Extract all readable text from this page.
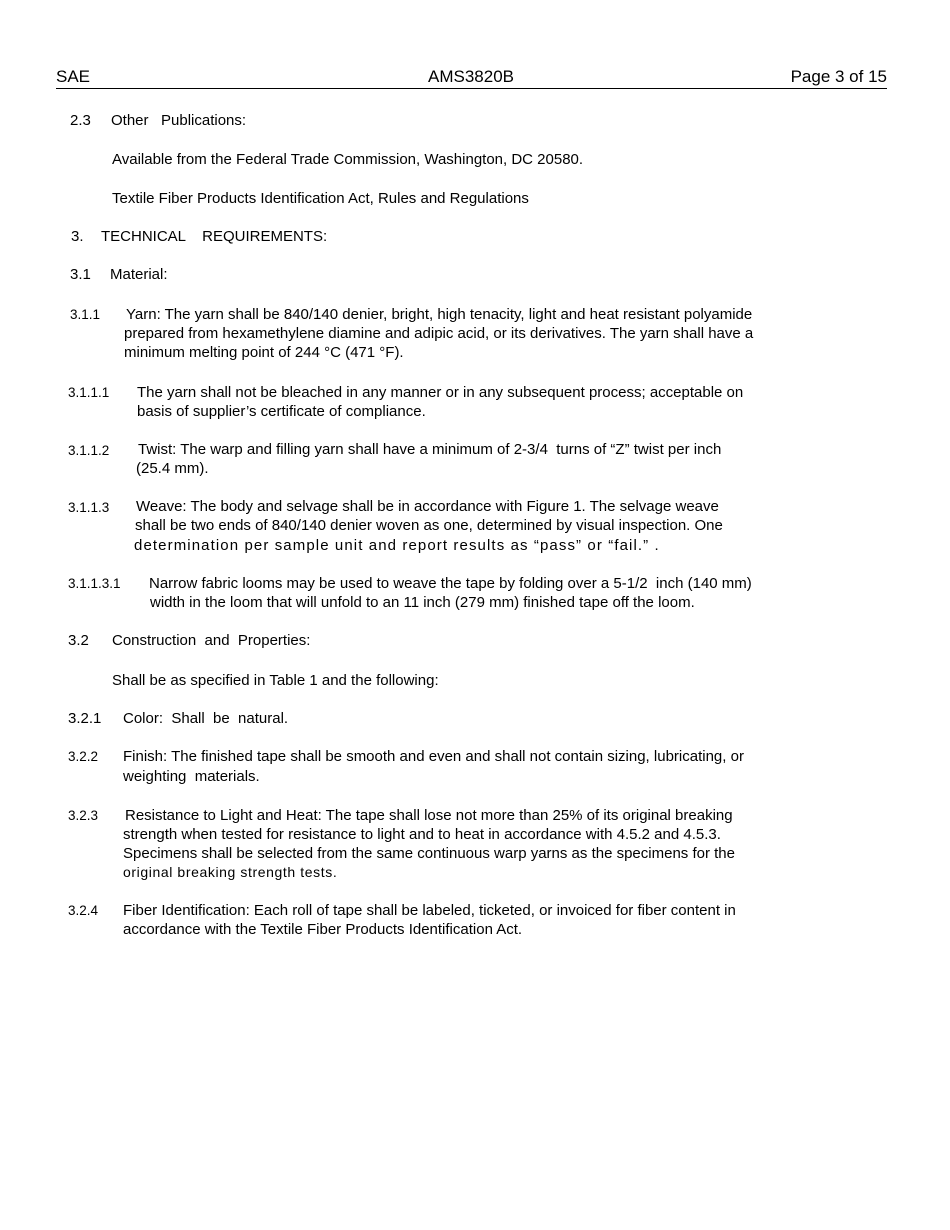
SAE	AMS3820B	Page 3 of 15
2.3 Other   Publications:
Available from the Federal Trade Commission, Washington, DC 20580.
Textile Fiber Products Identification Act, Rules and Regulations
3. TECHNICAL    REQUIREMENTS:
3.1 Material:
3.1.1 Yarn: The yarn shall be 840/140 denier, bright, high tenacity, light and heat resistant polyamide
prepared from hexamethylene diamine and adipic acid, or its derivatives. The yarn shall have a
minimum melting point of 244 °C (471 °F).
3.1.1.1 The yarn shall not be bleached in any manner or in any subsequent process; acceptable on
basis of supplier’s certificate of compliance.
3.1.1.2 Twist: The warp and filling yarn shall have a minimum of 2-3/4  turns of “Z” twist per inch
(25.4 mm).
3.1.1.3 Weave: The body and selvage shall be in accordance with Figure 1. The selvage weave
shall be two ends of 840/140 denier woven as one, determined by visual inspection. One
determination per sample unit and report results as “pass” or “fail.” .
3.1.1.3.1 Narrow fabric looms may be used to weave the tape by folding over a 5-1/2  inch (140 mm)
width in the loom that will unfold to an 11 inch (279 mm) finished tape off the loom.
3.2 Construction  and  Properties:
Shall be as specified in Table 1 and the following:
3.2.1 Color:  Shall  be  natural.
3.2.2 Finish: The finished tape shall be smooth and even and shall not contain sizing, lubricating, or
weighting  materials.
3.2.3 Resistance to Light and Heat: The tape shall lose not more than 25% of its original breaking
strength when tested for resistance to light and to heat in accordance with 4.5.2 and 4.5.3.
Specimens shall be selected from the same continuous warp yarns as the specimens for the
original breaking strength tests.
3.2.4 Fiber Identification: Each roll of tape shall be labeled, ticketed, or invoiced for fiber content in
accordance with the Textile Fiber Products Identification Act.
